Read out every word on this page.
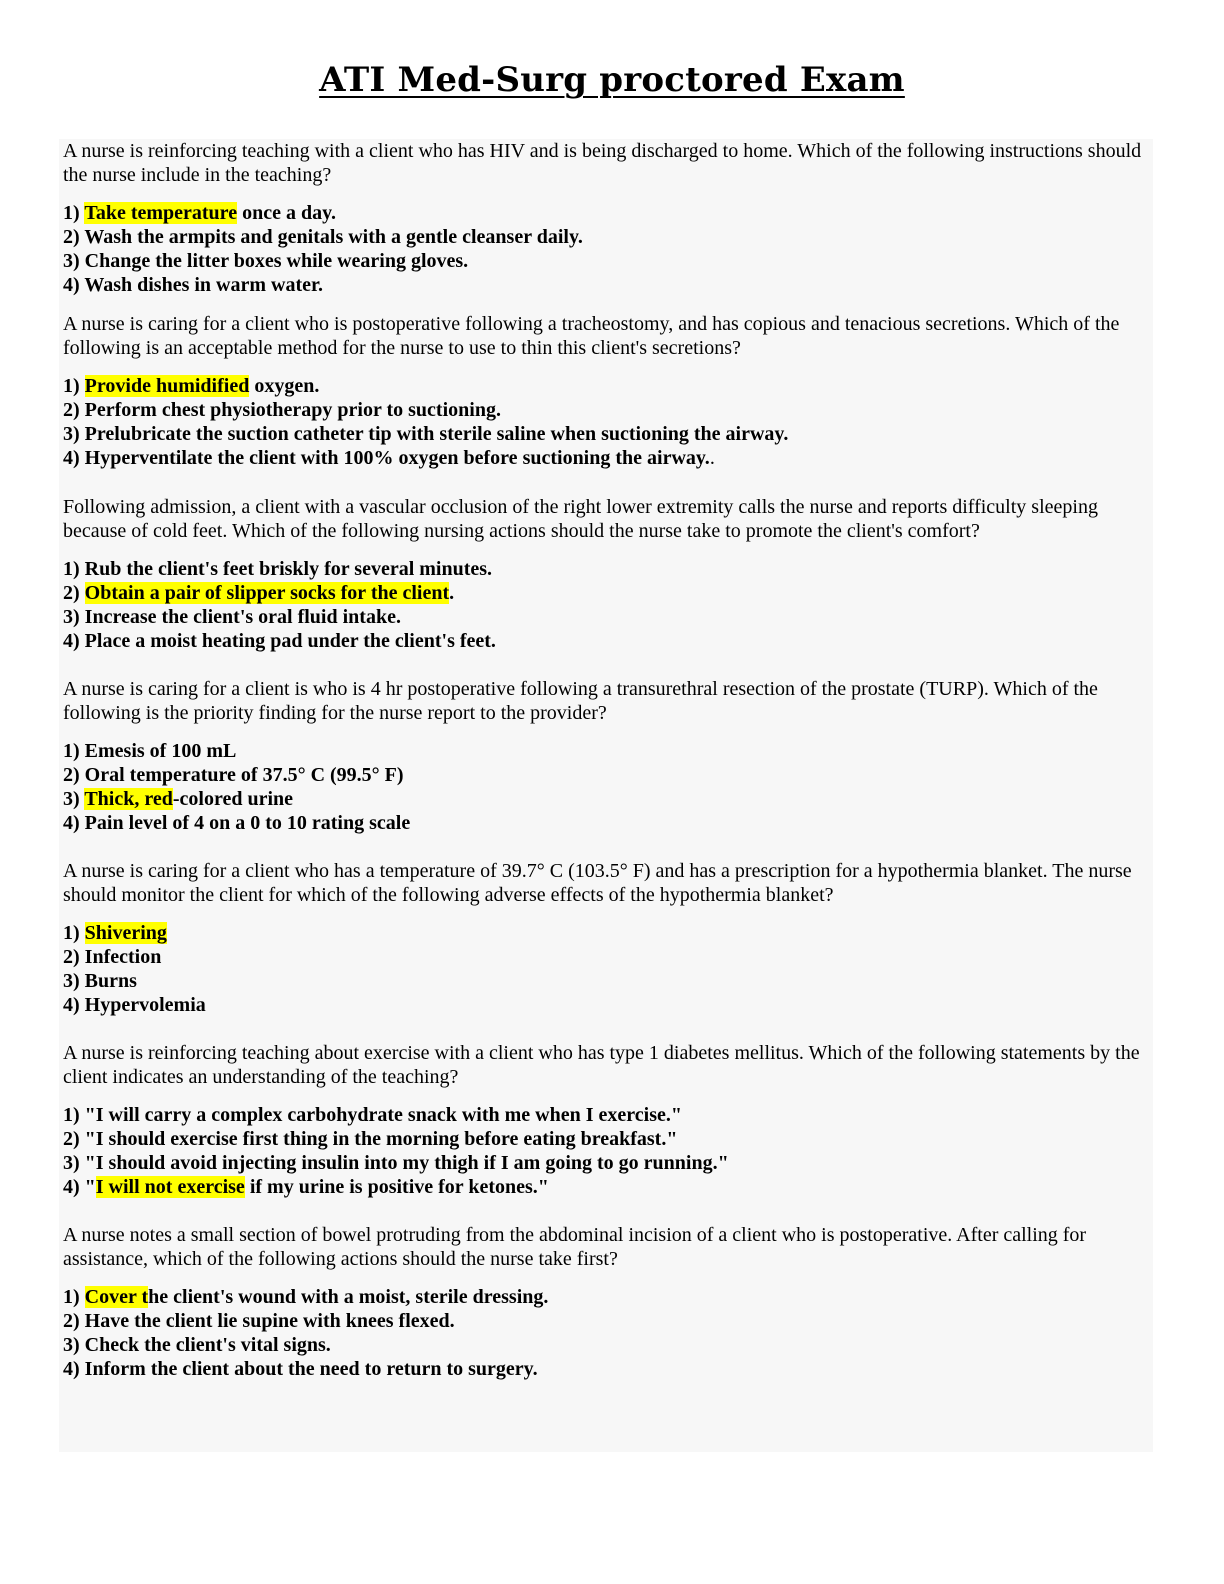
ATI Med-Surg proctored Exam

A nurse is reinforcing teaching with a client who has HIV and is being discharged to home. Which of the following instructions should the nurse include in the teaching?

1) Take temperature once a day.
2) Wash the armpits and genitals with a gentle cleanser daily.
3) Change the litter boxes while wearing gloves.
4) Wash dishes in warm water.

A nurse is caring for a client who is postoperative following a tracheostomy, and has copious and tenacious secretions. Which of the following is an acceptable method for the nurse to use to thin this client's secretions?

1) Provide humidified oxygen.
2) Perform chest physiotherapy prior to suctioning.
3) Prelubricate the suction catheter tip with sterile saline when suctioning the airway.
4) Hyperventilate the client with 100% oxygen before suctioning the airway..

Following admission, a client with a vascular occlusion of the right lower extremity calls the nurse and reports difficulty sleeping because of cold feet. Which of the following nursing actions should the nurse take to promote the client's comfort?

1) Rub the client's feet briskly for several minutes.
2) Obtain a pair of slipper socks for the client.
3) Increase the client's oral fluid intake.
4) Place a moist heating pad under the client's feet.

A nurse is caring for a client is who is 4 hr postoperative following a transurethral resection of the prostate (TURP). Which of the following is the priority finding for the nurse report to the provider?

1) Emesis of 100 mL
2) Oral temperature of 37.5° C (99.5° F)
3) Thick, red-colored urine
4) Pain level of 4 on a 0 to 10 rating scale

A nurse is caring for a client who has a temperature of 39.7° C (103.5° F) and has a prescription for a hypothermia blanket. The nurse should monitor the client for which of the following adverse effects of the hypothermia blanket?

1) Shivering
2) Infection
3) Burns
4) Hypervolemia

A nurse is reinforcing teaching about exercise with a client who has type 1 diabetes mellitus. Which of the following statements by the client indicates an understanding of the teaching?

1) "I will carry a complex carbohydrate snack with me when I exercise."
2) "I should exercise first thing in the morning before eating breakfast."
3) "I should avoid injecting insulin into my thigh if I am going to go running."
4) "I will not exercise if my urine is positive for ketones."

A nurse notes a small section of bowel protruding from the abdominal incision of a client who is postoperative. After calling for assistance, which of the following actions should the nurse take first?

1) Cover the client's wound with a moist, sterile dressing.
2) Have the client lie supine with knees flexed.
3) Check the client's vital signs.
4) Inform the client about the need to return to surgery.
